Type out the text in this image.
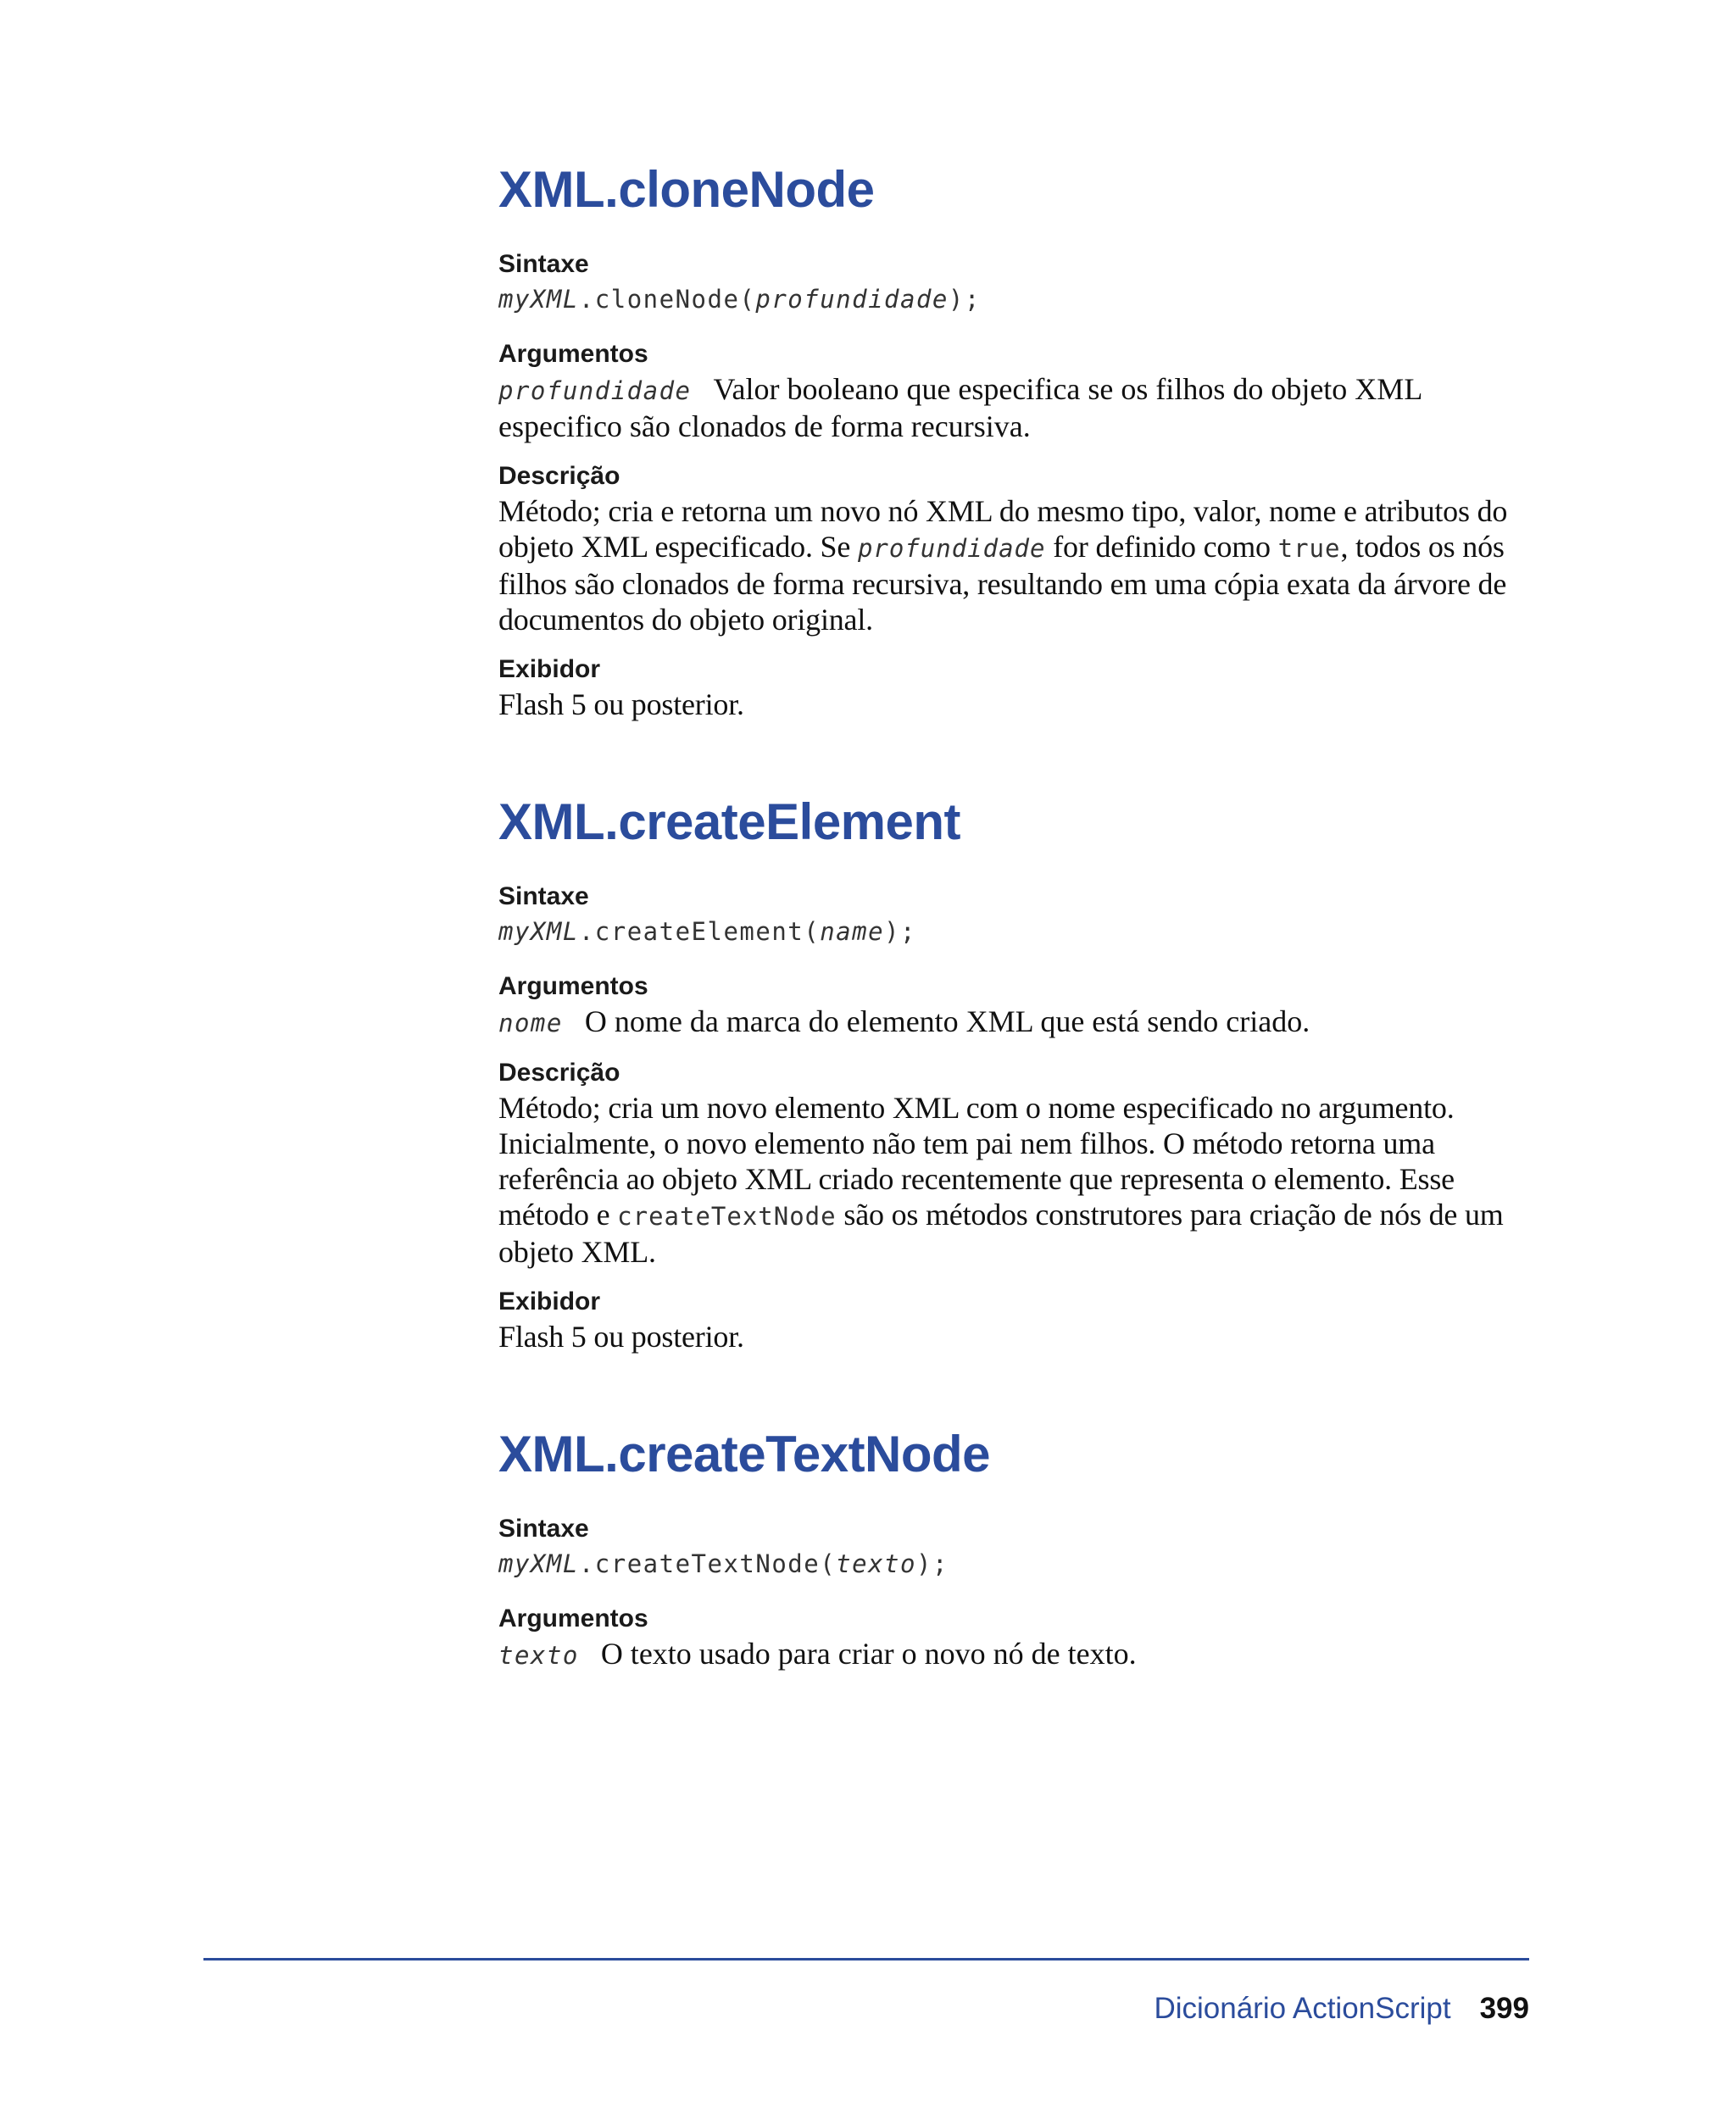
XML.cloneNode
Sintaxe
myXML.cloneNode(profundidade);
Argumentos

profundidade Valor booleano que especifica se os filhos do objeto XML especifico são clonados de forma recursiva.

Descrição

Método; cria e retorna um novo nó XML do mesmo tipo, valor, nome e atributos do objeto XML especificado. Se profundidade for definido como true, todos os nós filhos são clonados de forma recursiva, resultando em uma cópia exata da árvore de documentos do objeto original.

Exibidor

Flash 5 ou posterior.

XML.createElement
Sintaxe
myXML.createElement(name);
Argumentos

nome O nome da marca do elemento XML que está sendo criado.

Descrição

Método; cria um novo elemento XML com o nome especificado no argumento. Inicialmente, o novo elemento não tem pai nem filhos. O método retorna uma referência ao objeto XML criado recentemente que representa o elemento. Esse método e createTextNode são os métodos construtores para criação de nós de um objeto XML.

Exibidor

Flash 5 ou posterior.

XML.createTextNode
Sintaxe
myXML.createTextNode(texto);
Argumentos

texto O texto usado para criar o novo nó de texto.

Dicionário ActionScript 399
